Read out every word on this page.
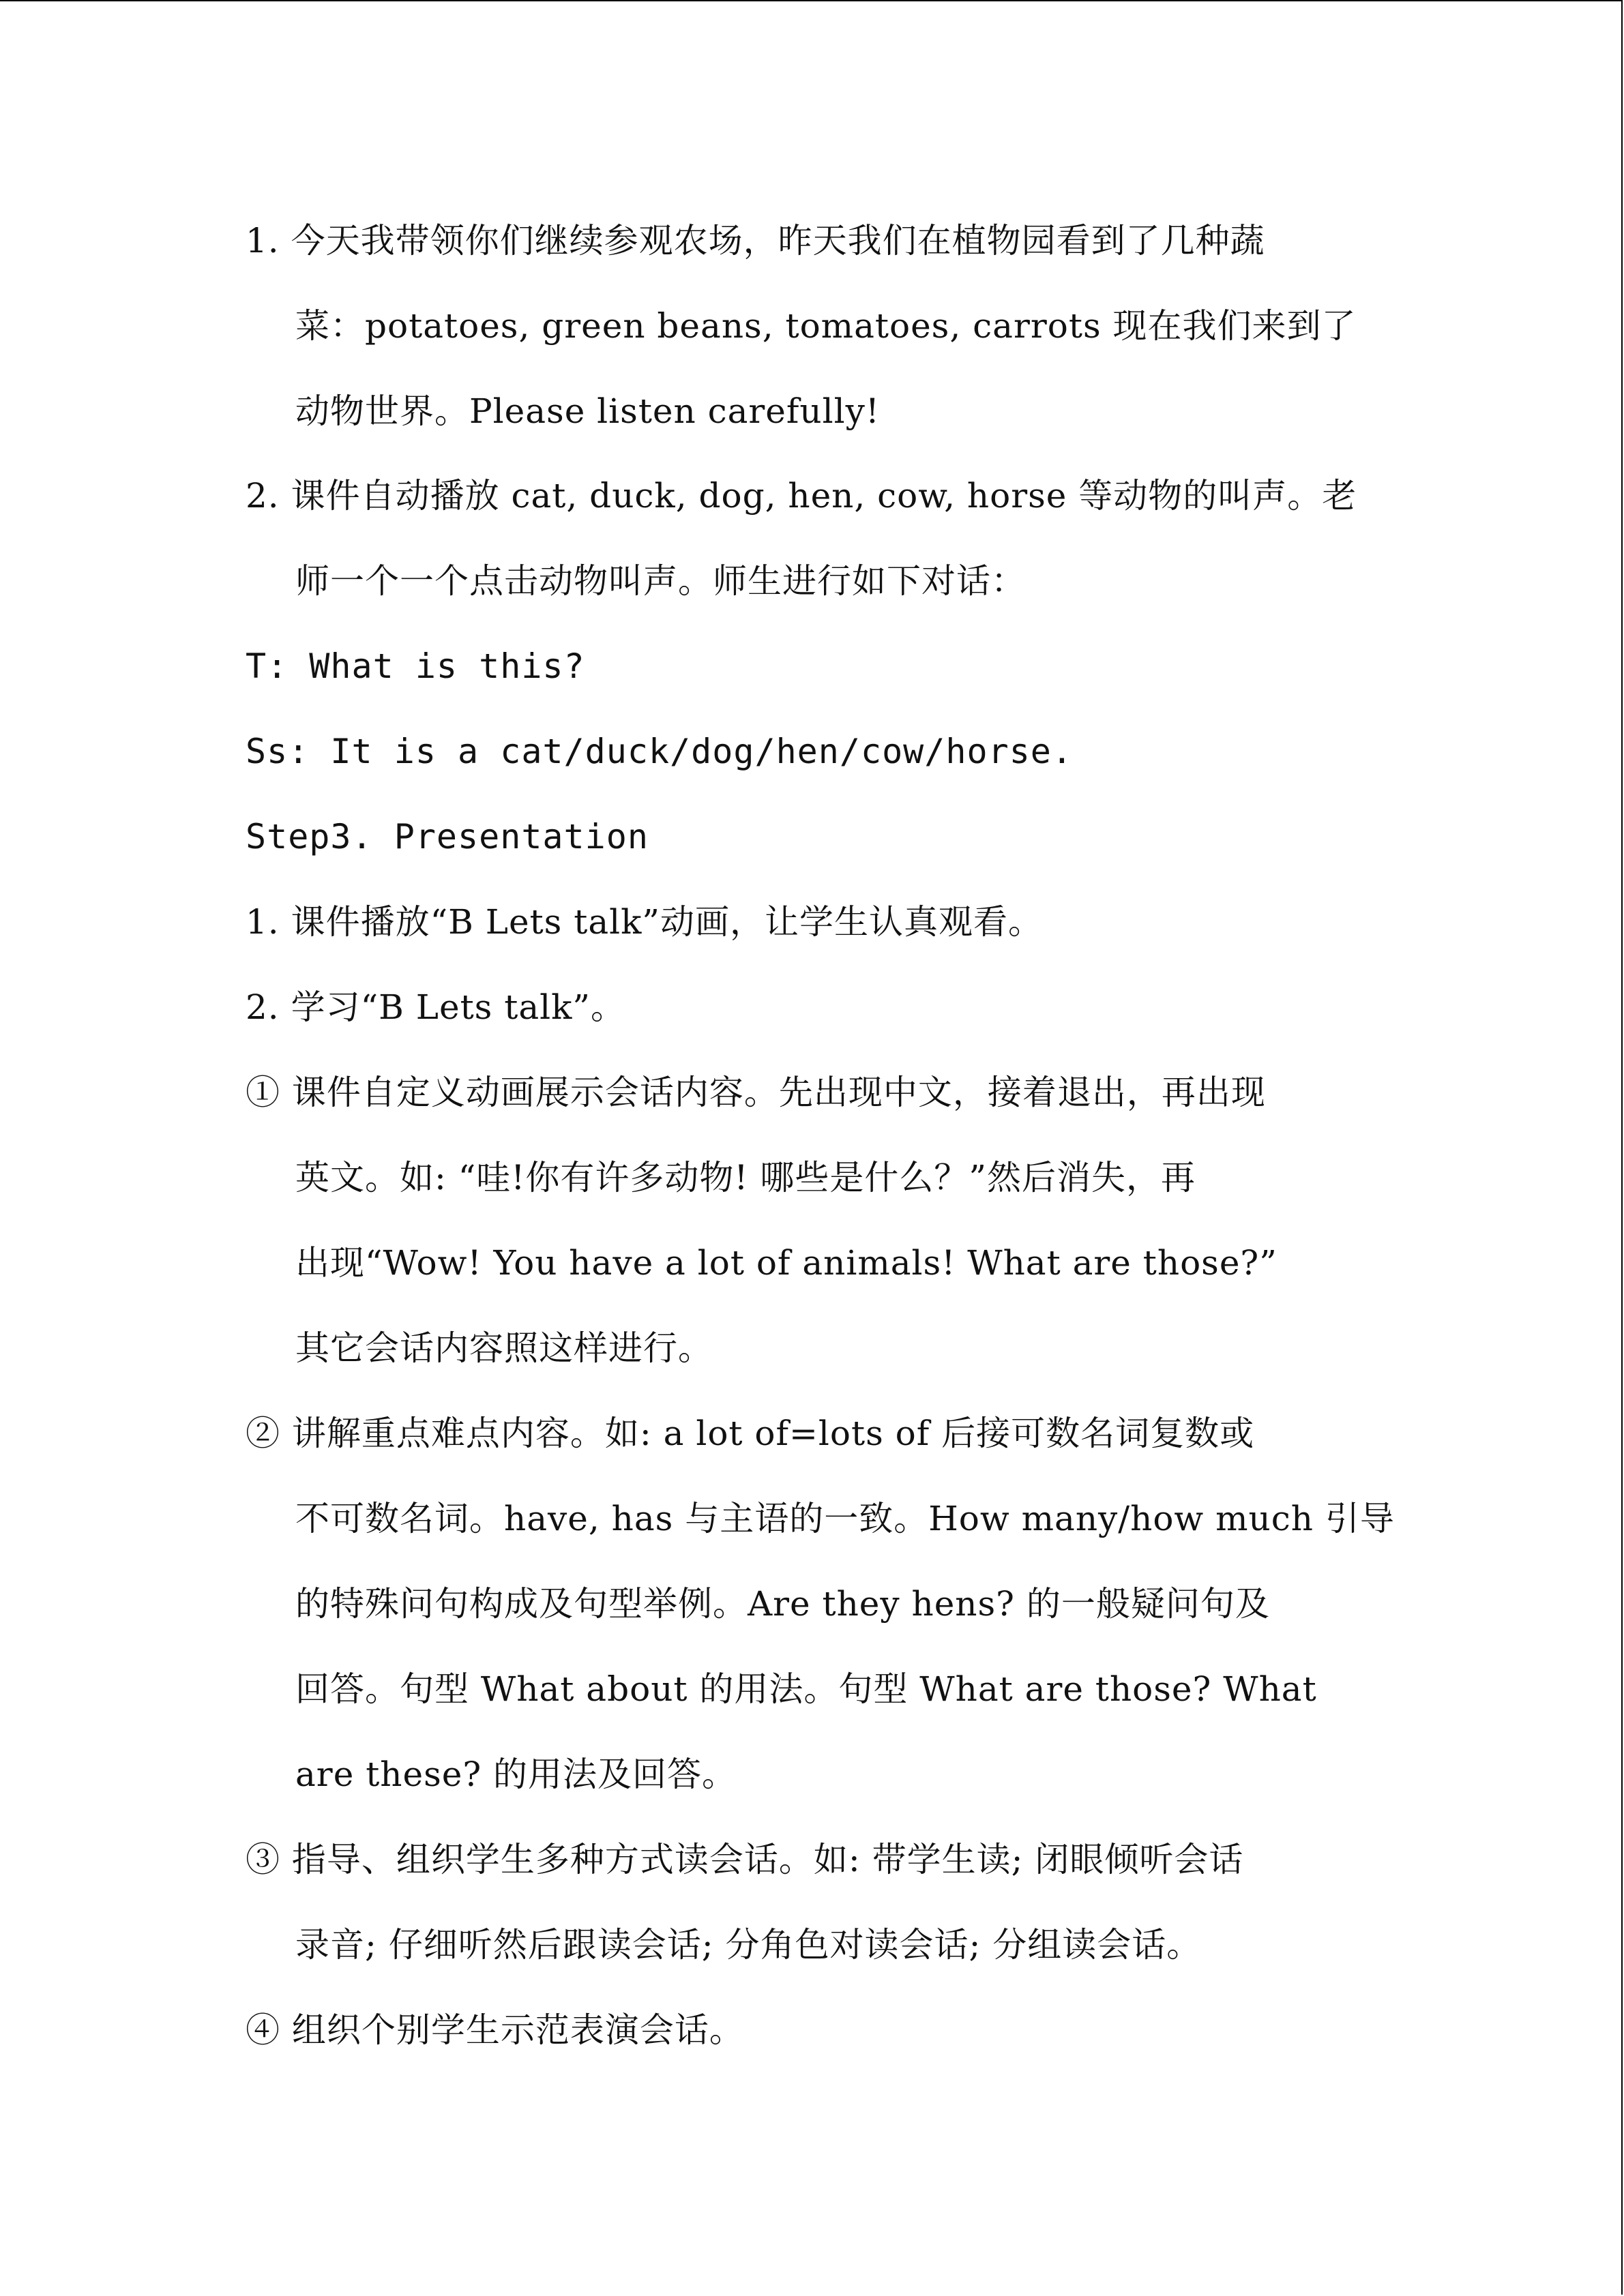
1. 今天我带领你们继续参观农场，昨天我们在植物园看到了几种蔬
菜：potatoes, green beans, tomatoes, carrots 现在我们来到了
动物世界。Please listen carefully!
2. 课件自动播放 cat, duck, dog, hen, cow, horse 等动物的叫声。老
师一个一个点击动物叫声。师生进行如下对话：
T: What is this?
Ss: It is a cat/duck/dog/hen/cow/horse.
Step3. Presentation
1. 课件播放“B Lets talk”动画，让学生认真观看。
2. 学习“B Lets talk”。
① 课件自定义动画展示会话内容。先出现中文，接着退出，再出现
英文。如: “哇!你有许多动物! 哪些是什么？”然后消失，再
出现“Wow! You have a lot of animals! What are those?”
其它会话内容照这样进行。
② 讲解重点难点内容。如: a lot of=lots of 后接可数名词复数或
不可数名词。have, has 与主语的一致。How many/how much 引导
的特殊问句构成及句型举例。Are they hens? 的一般疑问句及
回答。句型 What about 的用法。句型 What are those? What
are these? 的用法及回答。
③ 指导、组织学生多种方式读会话。如: 带学生读; 闭眼倾听会话
录音; 仔细听然后跟读会话; 分角色对读会话; 分组读会话。
④ 组织个别学生示范表演会话。
